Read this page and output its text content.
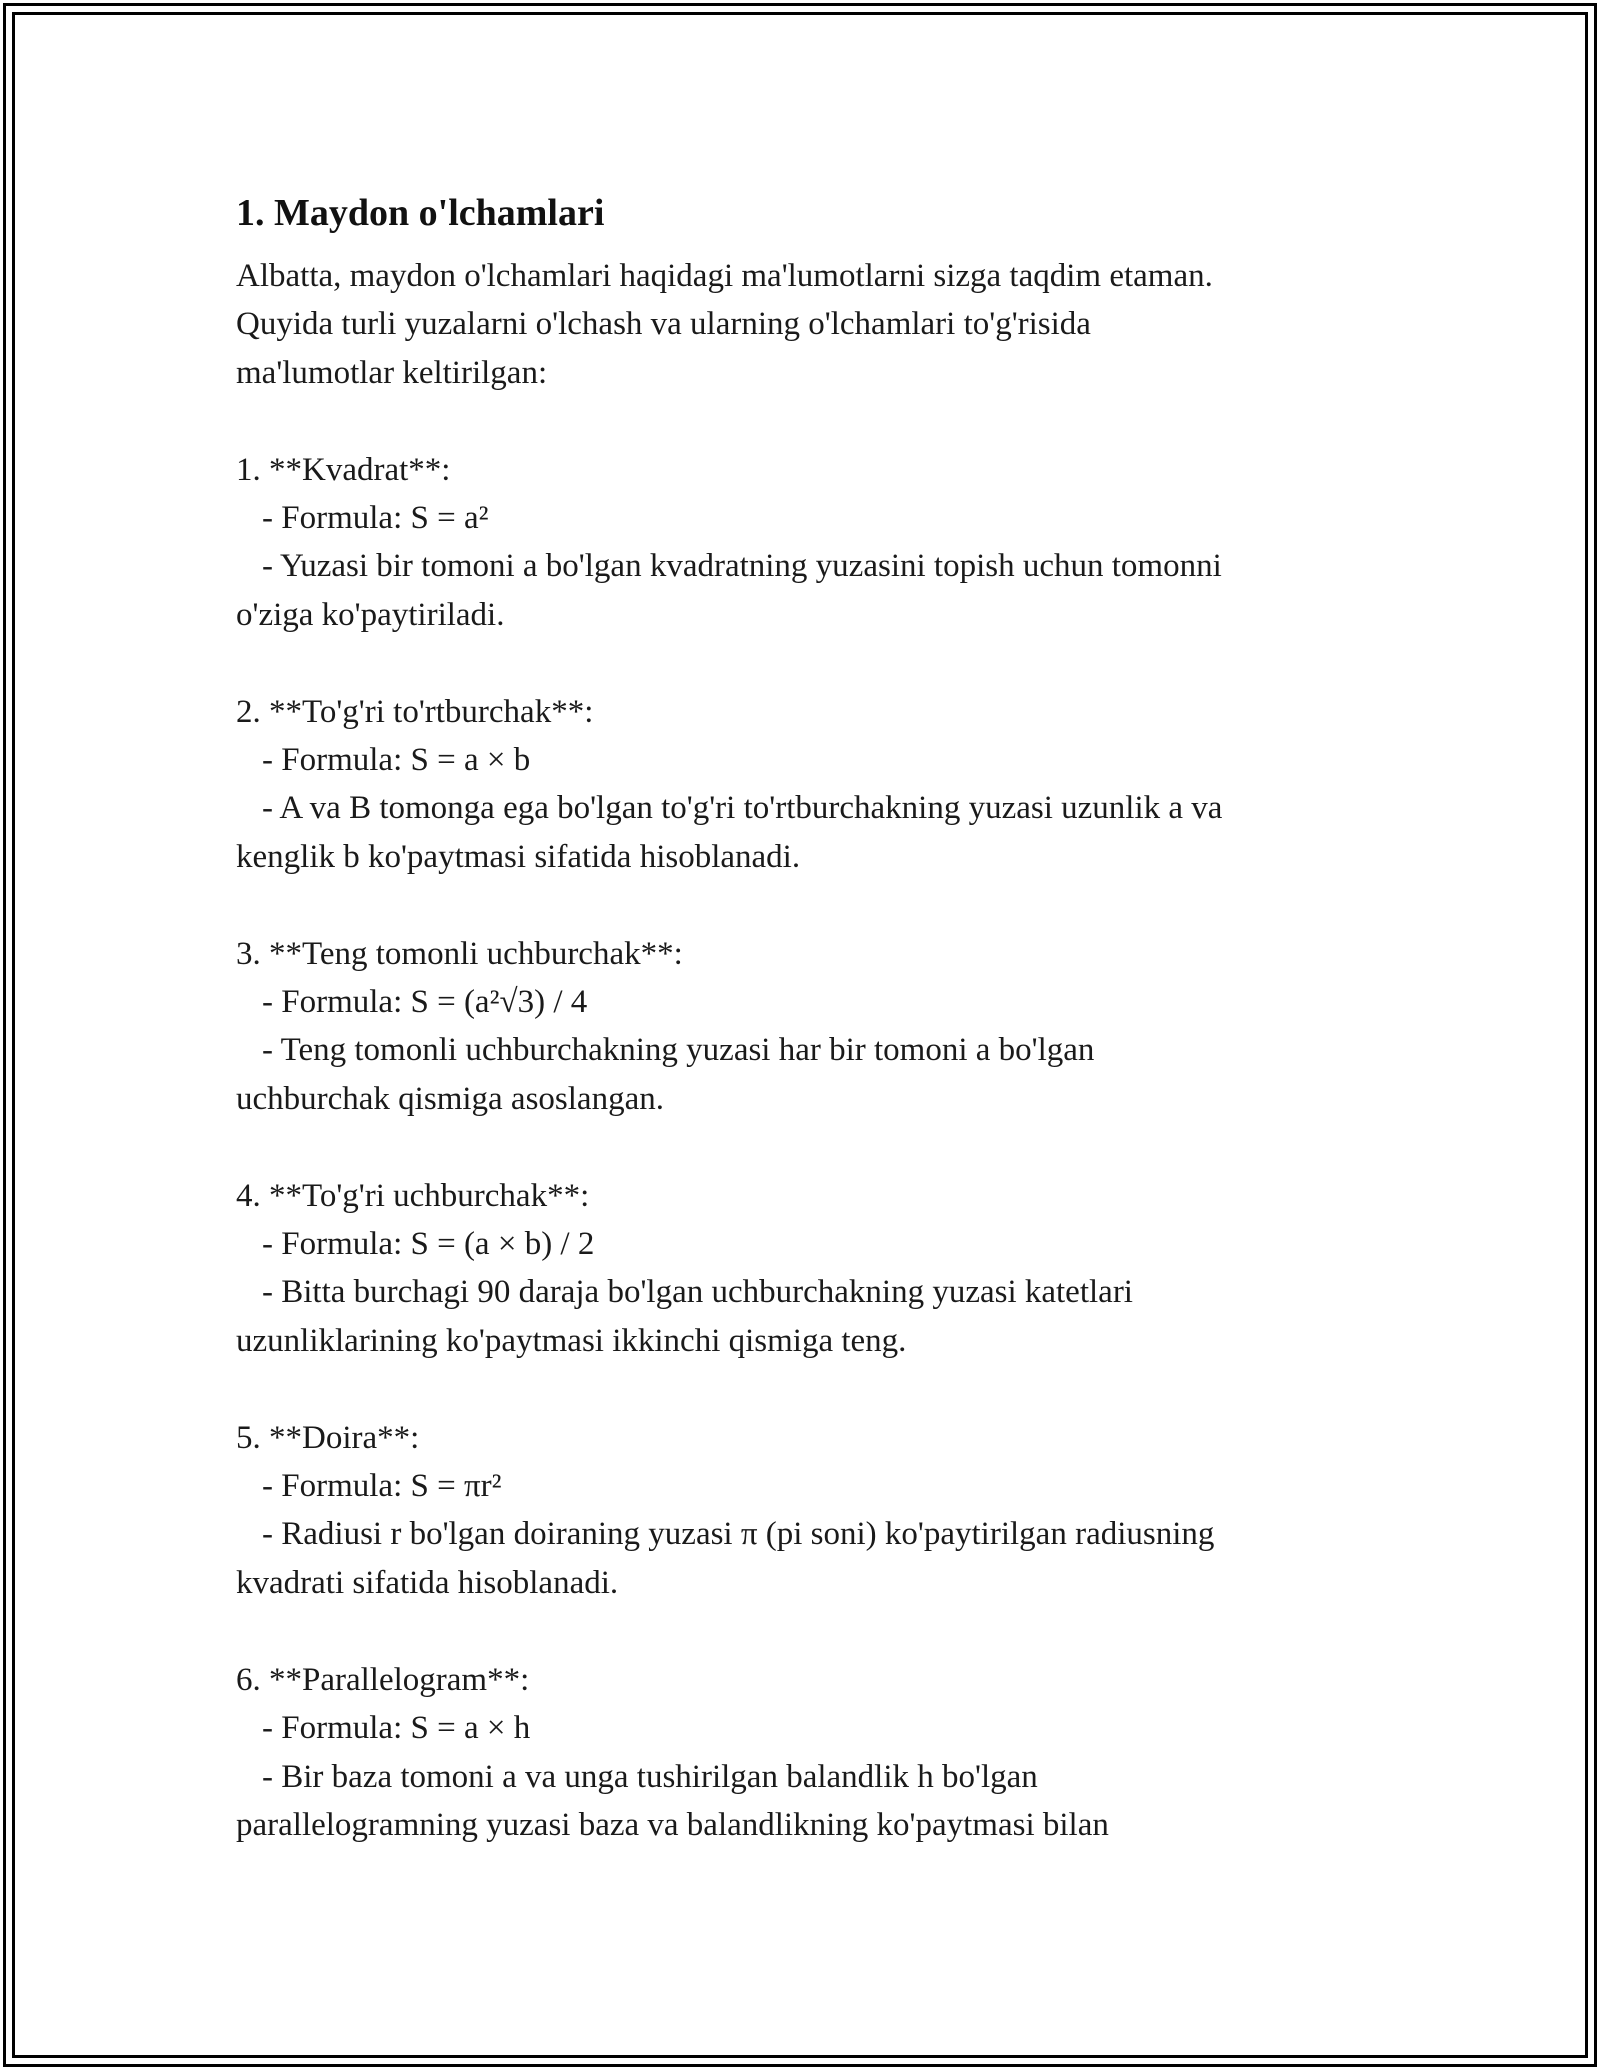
1. Maydon o'lchamlari

Albatta, maydon o'lchamlari haqidagi ma'lumotlarni sizga taqdim etaman.
Quyida turli yuzalarni o'lchash va ularning o'lchamlari to'g'risida
ma'lumotlar keltirilgan:

1. **Kvadrat**:

- Formula: S = a²

- Yuzasi bir tomoni a bo'lgan kvadratning yuzasini topish uchun tomonni

o'ziga ko'paytiriladi.

2. **To'g'ri to'rtburchak**:

- Formula: S = a × b

- A va B tomonga ega bo'lgan to'g'ri to'rtburchakning yuzasi uzunlik a va

kenglik b ko'paytmasi sifatida hisoblanadi.

3. **Teng tomonli uchburchak**:

- Formula: S = (a²√3) / 4

- Teng tomonli uchburchakning yuzasi har bir tomoni a bo'lgan

uchburchak qismiga asoslangan.

4. **To'g'ri uchburchak**:

- Formula: S = (a × b) / 2

- Bitta burchagi 90 daraja bo'lgan uchburchakning yuzasi katetlari

uzunliklarining ko'paytmasi ikkinchi qismiga teng.

5. **Doira**:

- Formula: S = πr²

- Radiusi r bo'lgan doiraning yuzasi π (pi soni) ko'paytirilgan radiusning

kvadrati sifatida hisoblanadi.

6. **Parallelogram**:

- Formula: S = a × h

- Bir baza tomoni a va unga tushirilgan balandlik h bo'lgan

parallelogramning yuzasi baza va balandlikning ko'paytmasi bilan
